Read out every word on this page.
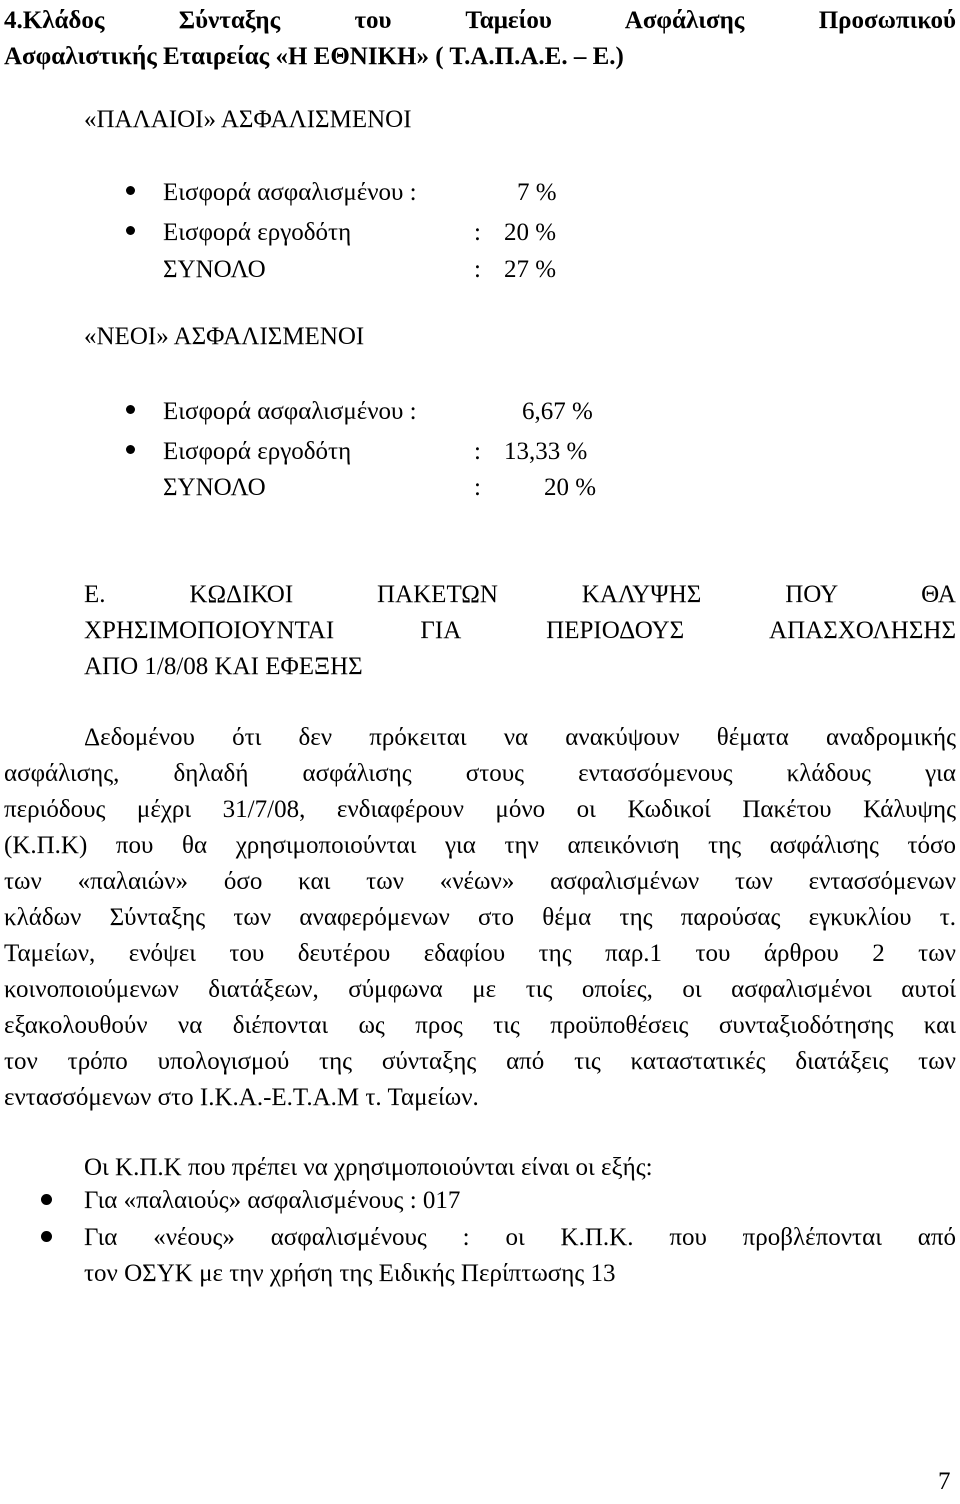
4.Κλάδος Σύνταξης του Ταμείου Ασφάλισης Προσωπικού
Ασφαλιστικής Εταιρείας «Η ΕΘΝΙΚΗ» ( Τ.Α.Π.Α.Ε. – Ε.)
«ΠΑΛΑΙΟΙ» ΑΣΦΑΛΙΣΜΕΝΟΙ
Εισφορά ασφαλισμένου :	7 %
Εισφορά εργοδότη	: 20 %
ΣΥΝΟΛΟ	: 27 %
«ΝΕΟΙ» ΑΣΦΑΛΙΣΜΕΝΟΙ
Εισφορά ασφαλισμένου :	6,67 %
Εισφορά εργοδότη	: 13,33 %
ΣΥΝΟΛΟ	:	20 %
Ε. ΚΩΔΙΚΟΙ ΠΑΚΕΤΩΝ ΚΑΛΥΨΗΣ ΠΟΥ ΘΑ
ΧΡΗΣΙΜΟΠΟΙΟΥΝΤΑΙ ΓΙΑ ΠΕΡΙΟΔΟΥΣ ΑΠΑΣΧΟΛΗΣΗΣ
ΑΠΟ 1/8/08 ΚΑΙ ΕΦΕΞΗΣ
Δεδομένου ότι δεν πρόκειται να ανακύψουν θέματα αναδρομικής
ασφάλισης, δηλαδή ασφάλισης στους εντασσόμενους κλάδους για
περιόδους μέχρι 31/7/08, ενδιαφέρουν μόνο οι Κωδικοί Πακέτου Κάλυψης
(Κ.Π.Κ) που θα χρησιμοποιούνται για την απεικόνιση της ασφάλισης τόσο
των «παλαιών» όσο και των «νέων» ασφαλισμένων των εντασσόμενων
κλάδων Σύνταξης των αναφερόμενων στο θέμα της παρούσας εγκυκλίου τ.
Ταμείων, ενόψει του δευτέρου εδαφίου της παρ.1 του άρθρου 2 των
κοινοποιούμενων διατάξεων, σύμφωνα με τις οποίες, οι ασφαλισμένοι αυτοί
εξακολουθούν να διέπονται ως προς τις προϋποθέσεις συνταξιοδότησης και
τον τρόπο υπολογισμού της σύνταξης από τις καταστατικές διατάξεις των
εντασσόμενων στο Ι.Κ.Α.-Ε.Τ.Α.Μ τ. Ταμείων.
Οι Κ.Π.Κ που πρέπει να χρησιμοποιούνται είναι οι εξής:
Για «παλαιούς» ασφαλισμένους : 017
Για «νέους» ασφαλισμένους : οι Κ.Π.Κ. που προβλέπονται από
τον ΟΣΥΚ με την χρήση της Ειδικής Περίπτωσης 13
7
